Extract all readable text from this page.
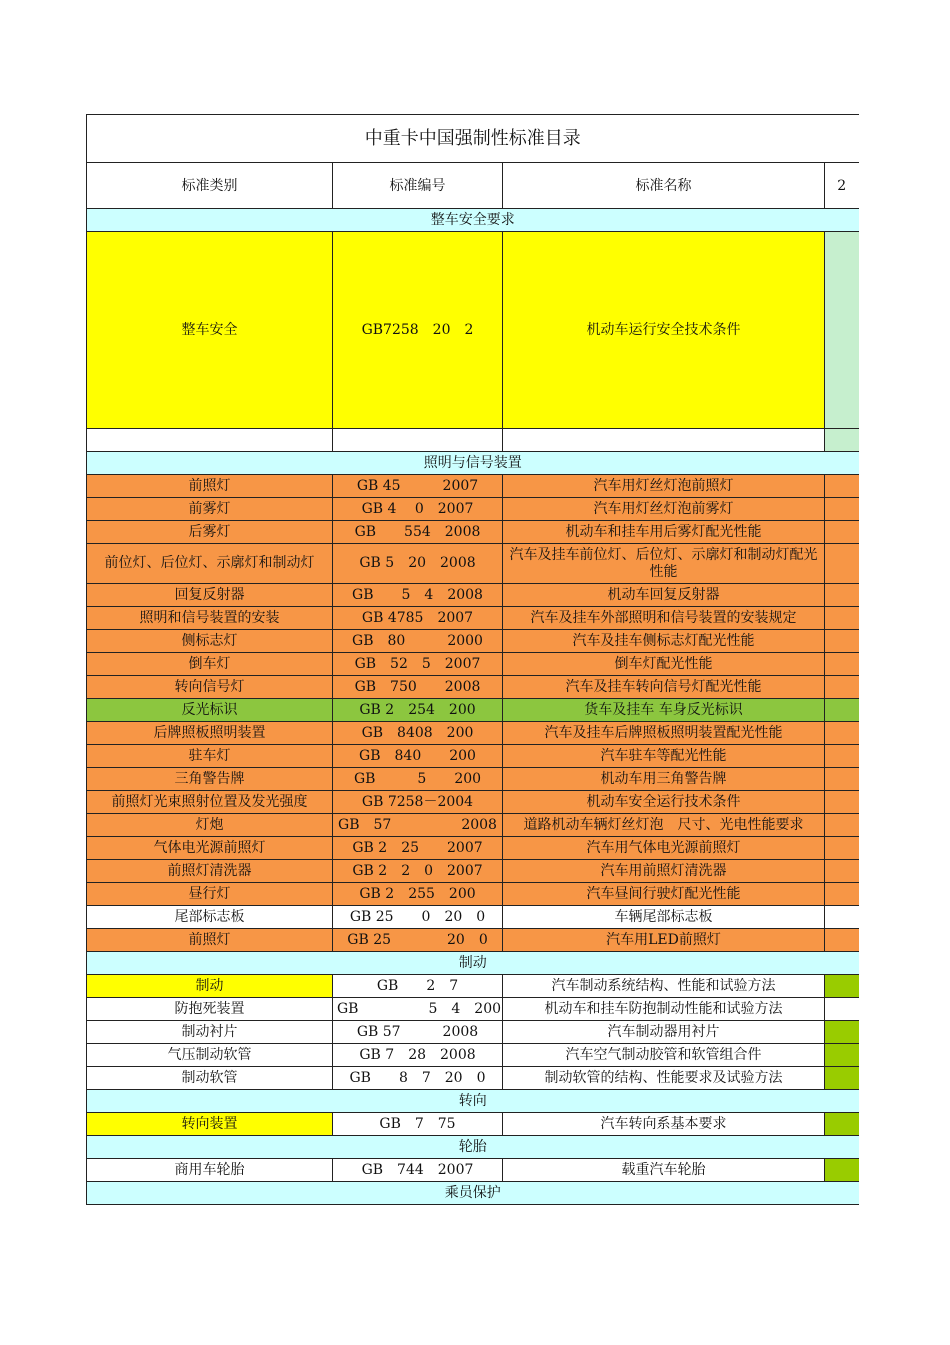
中重卡中国强制性标准目录			
标准类别	标准编号	标准名称	2
整车安全要求			
整车安全	GB7258　20　2	机动车运行安全技术条件	

照明与信号装置			
前照灯	GB 45　　　2007	汽车用灯丝灯泡前照灯	
前雾灯	GB 4　 0　2007	汽车用灯丝灯泡前雾灯	
后雾灯	GB　　554　2008	机动车和挂车用后雾灯配光性能	
前位灯、后位灯、示廓灯和制动灯	GB 5　20　2008	汽车及挂车前位灯、后位灯、示廓灯和制动灯配光性能	
回复反射器	GB　　5　4　2008	机动车回复反射器	
照明和信号装置的安装	GB 4785　2007	汽车及挂车外部照明和信号装置的安装规定	
侧标志灯	GB　80　　　2000	汽车及挂车侧标志灯配光性能	
倒车灯	GB　52　5　2007	倒车灯配光性能	
转向信号灯	GB　750　　2008	汽车及挂车转向信号灯配光性能	
反光标识	GB 2　254　200	货车及挂车 车身反光标识	
后牌照板照明装置	GB　8408　200	汽车及挂车后牌照板照明装置配光性能	
驻车灯	GB　840　　200	汽车驻车等配光性能	
三角警告牌	GB　　　5　　200	机动车用三角警告牌	
前照灯光束照射位置及发光强度	GB 7258－2004	机动车安全运行技术条件	
灯炮	GB　57　　　　　2008	道路机动车辆灯丝灯泡　尺寸、光电性能要求	
气体电光源前照灯	GB 2　25　　2007	汽车用气体电光源前照灯	
前照灯清洗器	GB 2　2　0　2007	汽车用前照灯清洗器	
昼行灯	GB 2　255　200	汽车昼间行驶灯配光性能	
尾部标志板	GB 25　　0　20　0	车辆尾部标志板	
前照灯	GB 25　　　　20　0	汽车用LED前照灯	
制动			
制动	GB　　2　7	汽车制动系统结构、性能和试验方法	
防抱死装置	GB　　　　　5　4　200	机动车和挂车防抱制动性能和试验方法	
制动衬片	GB 57　　　2008	汽车制动器用衬片	
气压制动软管	GB 7　28　2008	汽车空气制动胶管和软管组合件	
制动软管	GB　　8　7　20　0	制动软管的结构、性能要求及试验方法	
转向			
转向装置	GB　7　75	汽车转向系基本要求	
轮胎			
商用车轮胎	GB　744　2007	载重汽车轮胎	
乘员保护			
